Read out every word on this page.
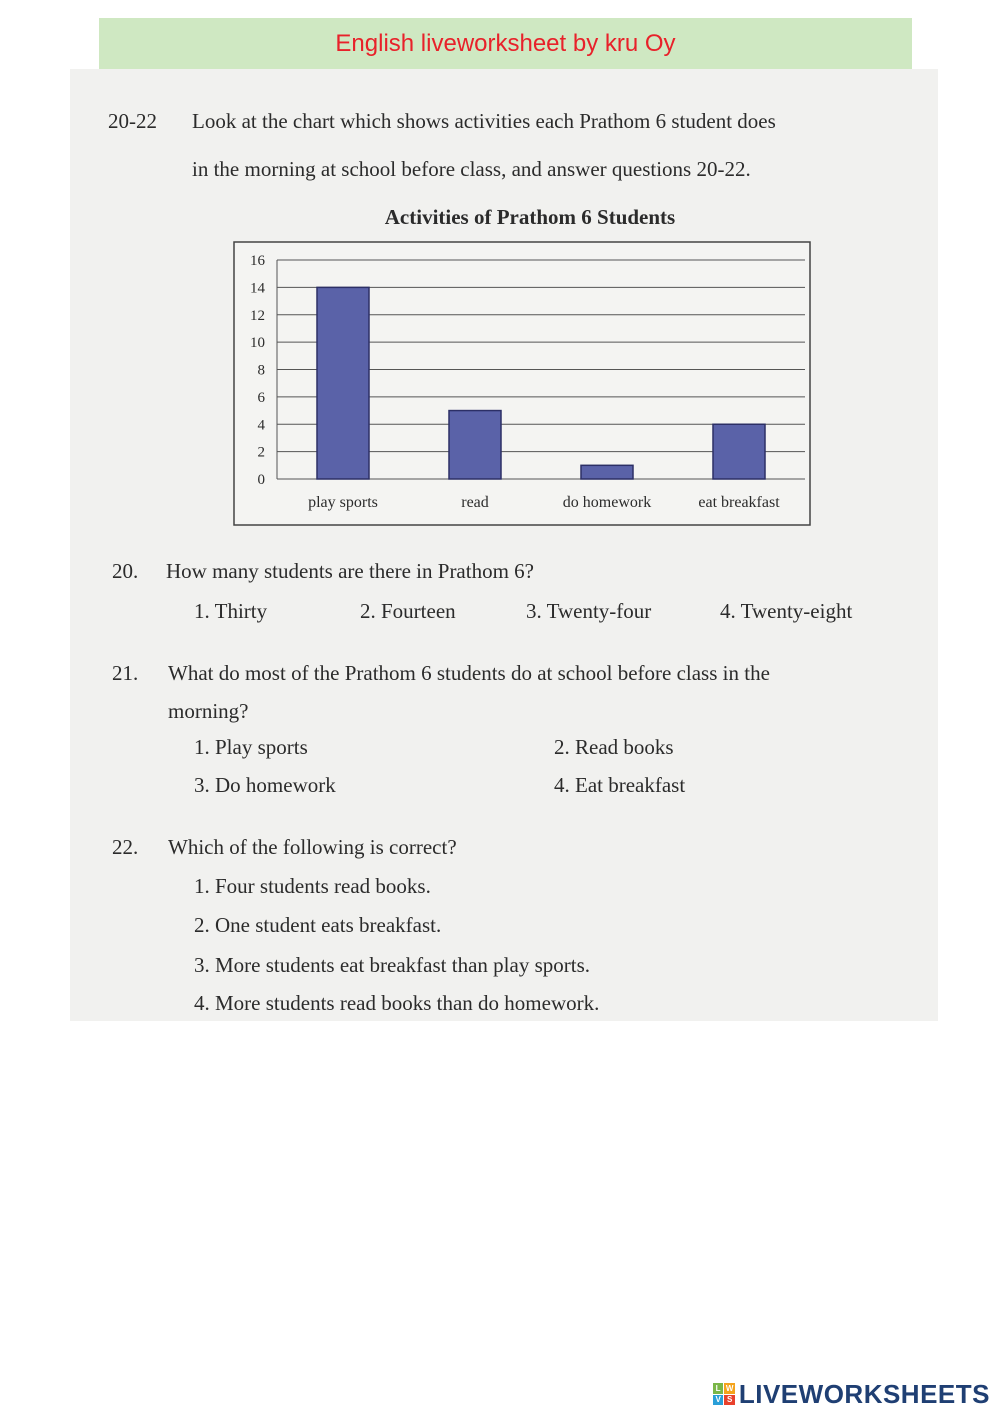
English liveworksheet by kru Oy
20-22 Look at the chart which shows activities each Prathom 6 student does
in the morning at school before class, and answer questions 20-22.
Activities of Prathom 6 Students
0
2
4
6
8
10
12
14
16
play sports	read	do homework	eat breakfast
20. How many students are there in Prathom 6?
1. Thirty	2. Fourteen	3. Twenty-four	4. Twenty-eight
21. What do most of the Prathom 6 students do at school before class in the
morning?
1. Play sports	2. Read books
3. Do homework	4. Eat breakfast
22. Which of the following is correct?
1. Four students read books.
2. One student eats breakfast.
3. More students eat breakfast than play sports.
4. More students read books than do homework.
L W
V S LIVEWORKSHEETS
